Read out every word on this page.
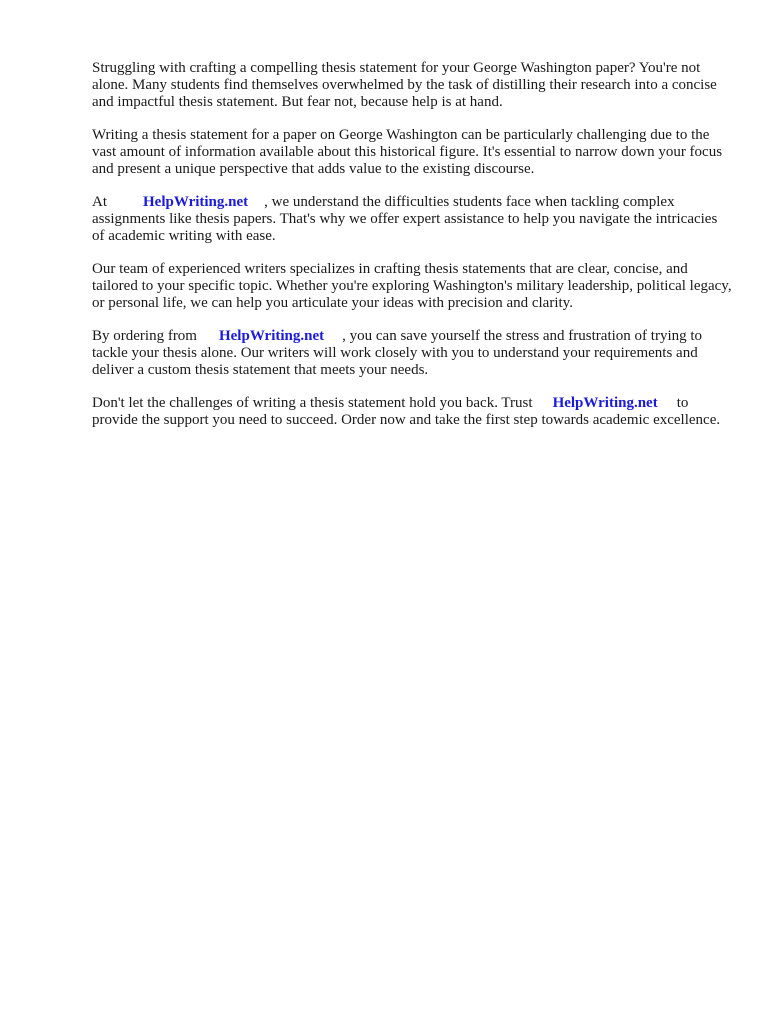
Struggling with crafting a compelling thesis statement for your George Washington paper? You're not alone. Many students find themselves overwhelmed by the task of distilling their research into a concise and impactful thesis statement. But fear not, because help is at hand.

Writing a thesis statement for a paper on George Washington can be particularly challenging due to the vast amount of information available about this historical figure. It's essential to narrow down your focus and present a unique perspective that adds value to the existing discourse.

At HelpWriting.net , we understand the difficulties students face when tackling complex assignments like thesis papers. That's why we offer expert assistance to help you navigate the intricacies of academic writing with ease.

Our team of experienced writers specializes in crafting thesis statements that are clear, concise, and tailored to your specific topic. Whether you're exploring Washington's military leadership, political legacy, or personal life, we can help you articulate your ideas with precision and clarity.

By ordering from HelpWriting.net , you can save yourself the stress and frustration of trying to tackle your thesis alone. Our writers will work closely with you to understand your requirements and deliver a custom thesis statement that meets your needs.

Don't let the challenges of writing a thesis statement hold you back. Trust HelpWriting.net to provide the support you need to succeed. Order now and take the first step towards academic excellence.
